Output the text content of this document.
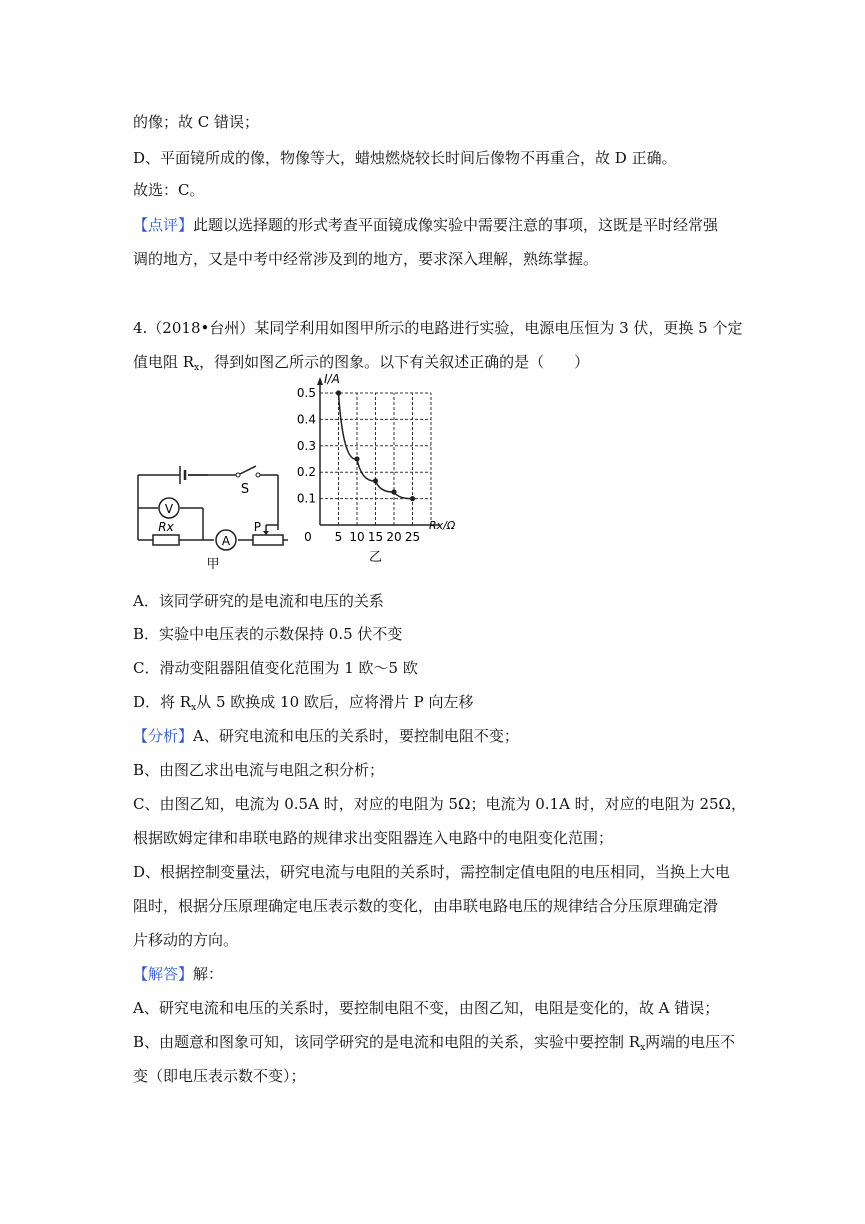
的像；故 C 错误；
D、平面镜所成的像，物像等大，蜡烛燃烧较长时间后像物不再重合，故 D 正确。
故选：C。
【点评】此题以选择题的形式考查平面镜成像实验中需要注意的事项，这既是平时经常强
调的地方，又是中考中经常涉及到的地方，要求深入理解，熟练掌握。
4.（2018•台州）某同学利用如图甲所示的电路进行实验，电源电压恒为 3 伏，更换 5 个定
值电阻 $R_x$，得到如图乙所示的图象。以下有关叙述正确的是（　　）
V
A
S
P
Rx
甲
0.1
0.2
0.3
0.4
0.5
0 5 10 15 20 25
I/A
Rx/Ω
乙
A．该同学研究的是电流和电压的关系
B．实验中电压表的示数保持 0.5 伏不变
C．滑动变阻器阻值变化范围为 1 欧～5 欧
D．将 $R_x$从 5 欧换成 10 欧后，应将滑片 P 向左移
【分析】A、研究电流和电压的关系时，要控制电阻不变；
B、由图乙求出电流与电阻之积分析；
C、由图乙知，电流为 0.5A 时，对应的电阻为 5Ω；电流为 0.1A 时，对应的电阻为 25Ω，
根据欧姆定律和串联电路的规律求出变阻器连入电路中的电阻变化范围；
D、根据控制变量法，研究电流与电阻的关系时，需控制定值电阻的电压相同，当换上大电
阻时，根据分压原理确定电压表示数的变化，由串联电路电压的规律结合分压原理确定滑
片移动的方向。
【解答】解：
A、研究电流和电压的关系时，要控制电阻不变，由图乙知，电阻是变化的，故 A 错误；
B、由题意和图象可知，该同学研究的是电流和电阻的关系，实验中要控制 $R_x$两端的电压不
变（即电压表示数不变）；
